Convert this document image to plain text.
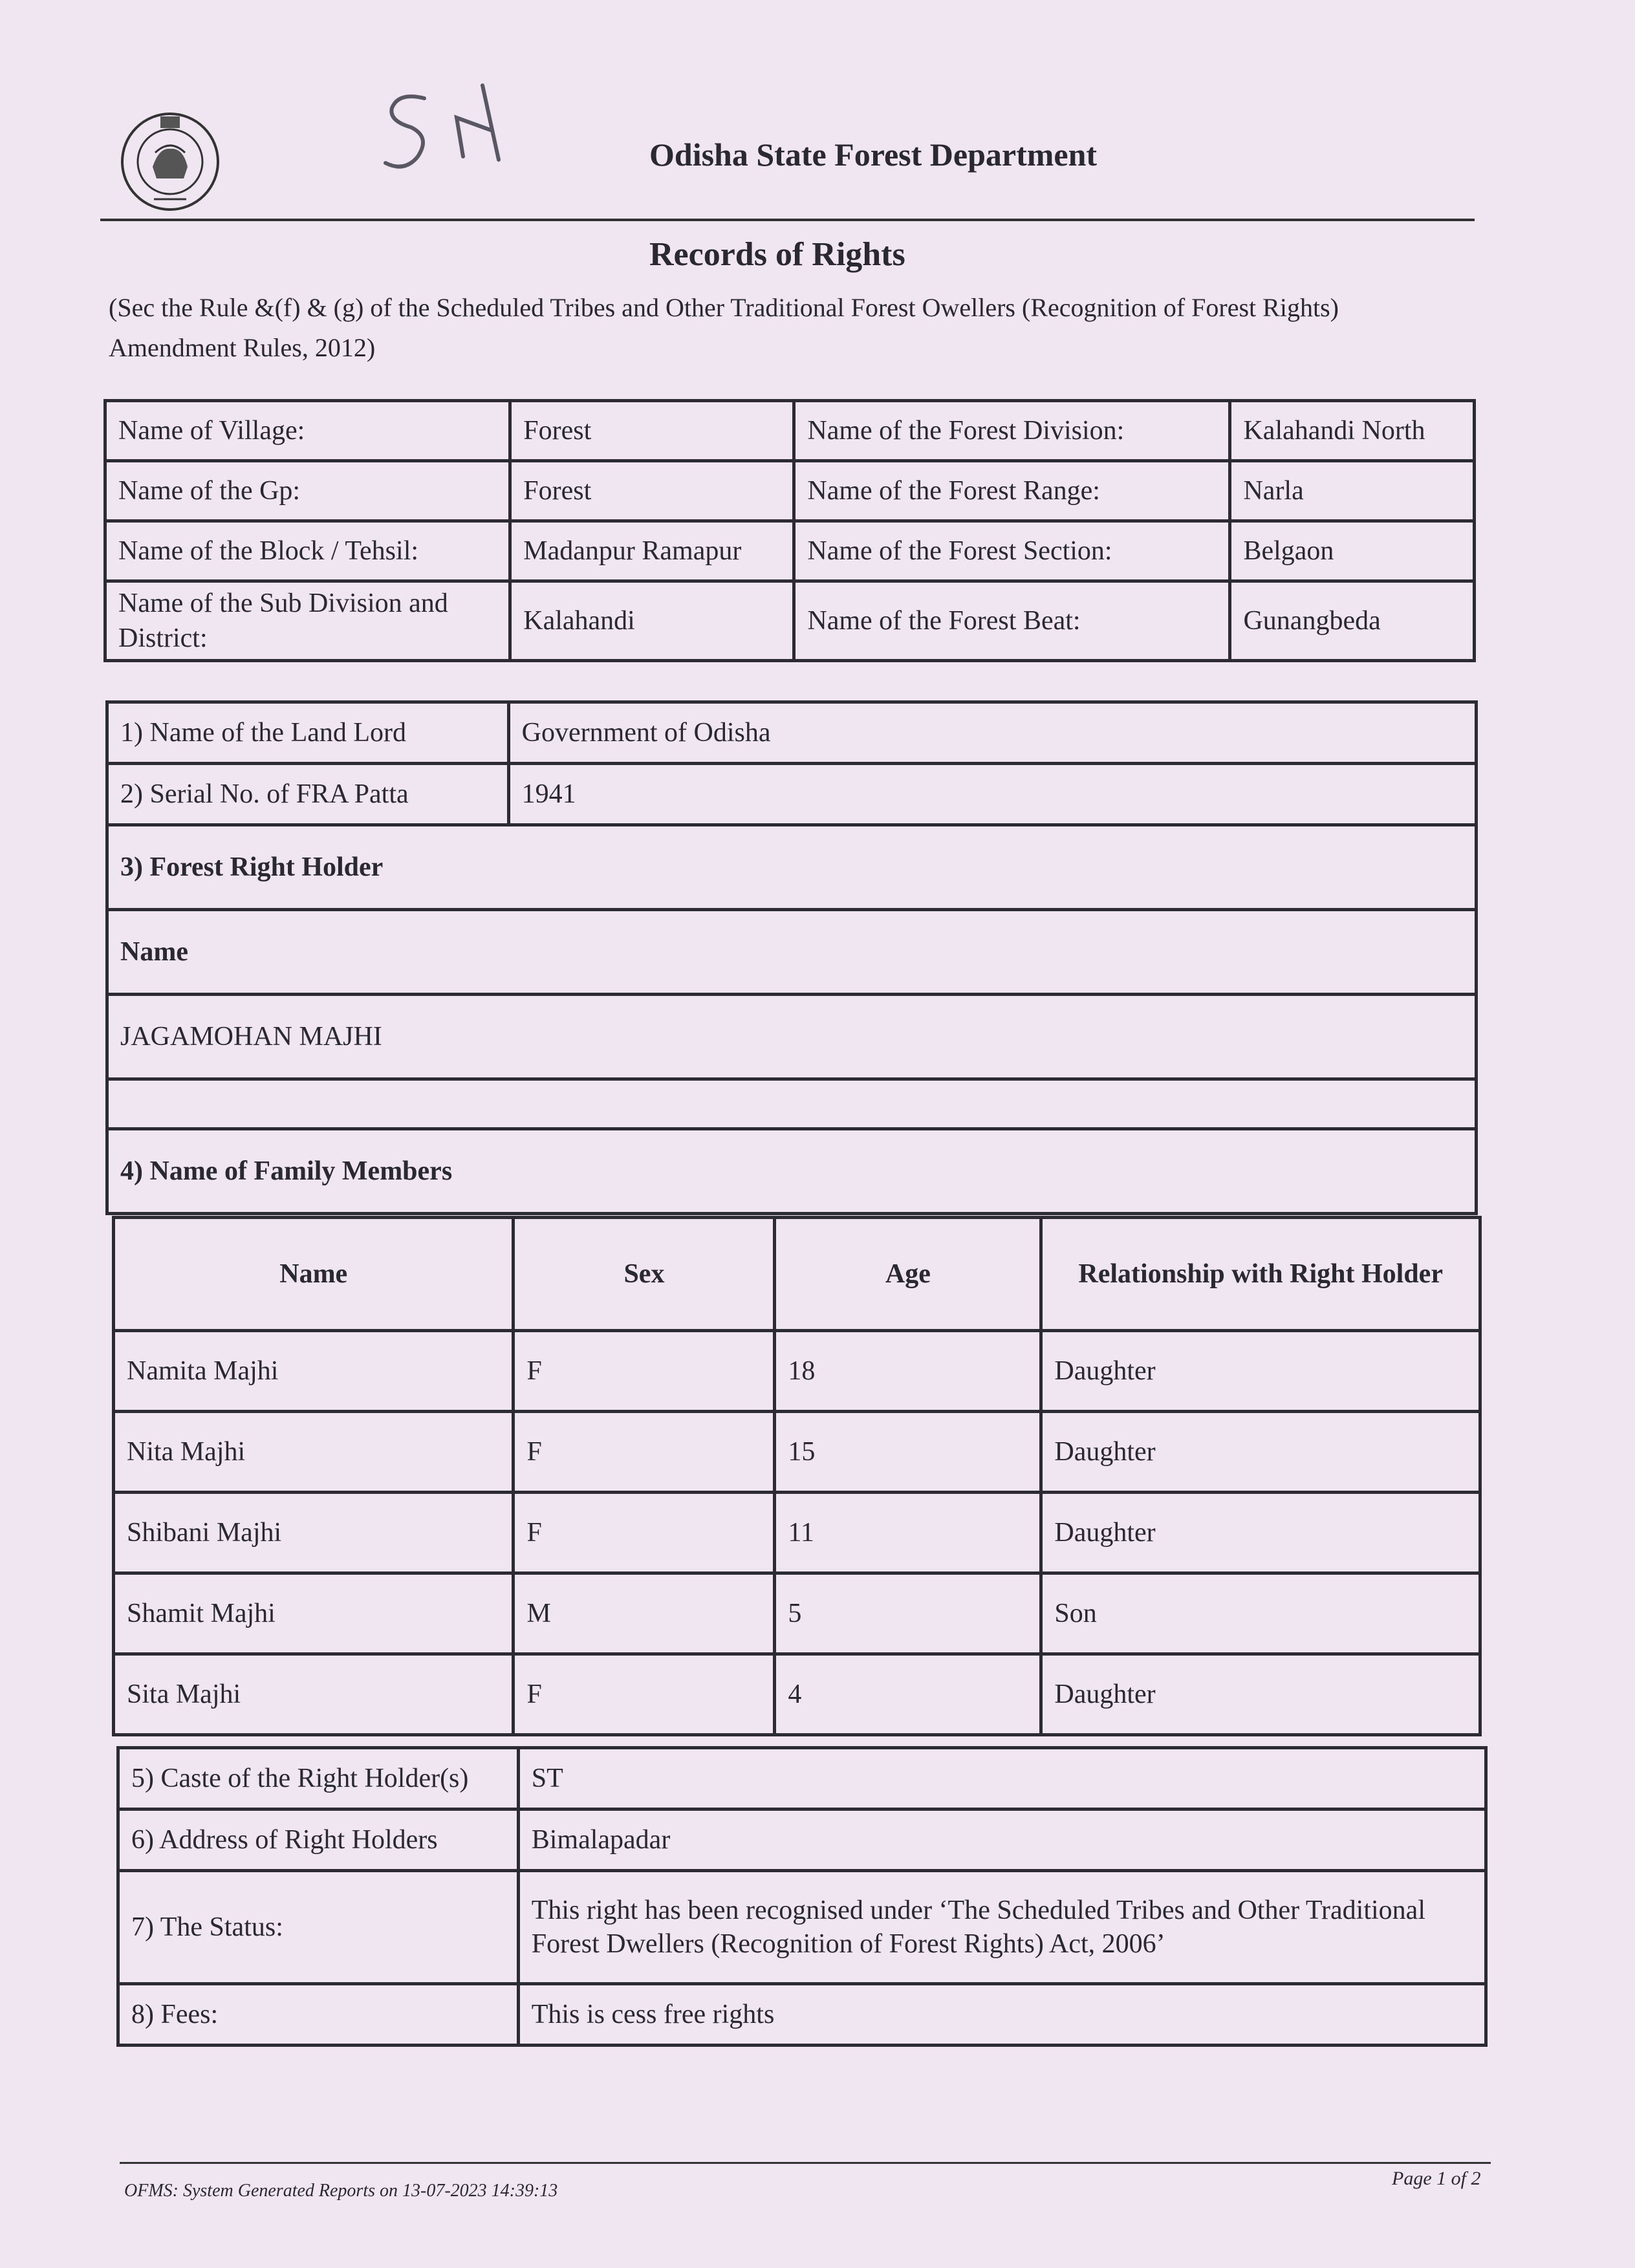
Odisha State Forest Department
Records of Rights
(Sec the Rule &(f) & (g) of the Scheduled Tribes and Other Traditional Forest Owellers (Recognition of Forest Rights) Amendment Rules, 2012)
Name of Village:	Forest	Name of the Forest Division:	Kalahandi North
Name of the Gp:	Forest	Name of the Forest Range:	Narla
Name of the Block / Tehsil:	Madanpur Ramapur	Name of the Forest Section:	Belgaon
Name of the Sub Division and District:	Kalahandi	Name of the Forest Beat:	Gunangbeda
1) Name of the Land Lord	Government of Odisha
2) Serial No. of FRA Patta	1941
3) Forest Right Holder	
Name	
JAGAMOHAN MAJHI	

4) Name of Family Members	
Name	Sex	Age	Relationship with Right Holder
Namita Majhi	F	18	Daughter
Nita Majhi	F	15	Daughter
Shibani Majhi	F	11	Daughter
Shamit Majhi	M	5	Son
Sita Majhi	F	4	Daughter
5) Caste of the Right Holder(s)	ST
6) Address of Right Holders	Bimalapadar
7) The Status:	This right has been recognised under ‘The Scheduled Tribes and Other Traditional
Forest Dwellers (Recognition of Forest Rights) Act, 2006’

8) Fees:	This is cess free rights
OFMS: System Generated Reports on 13-07-2023 14:39:13
Page 1 of 2
